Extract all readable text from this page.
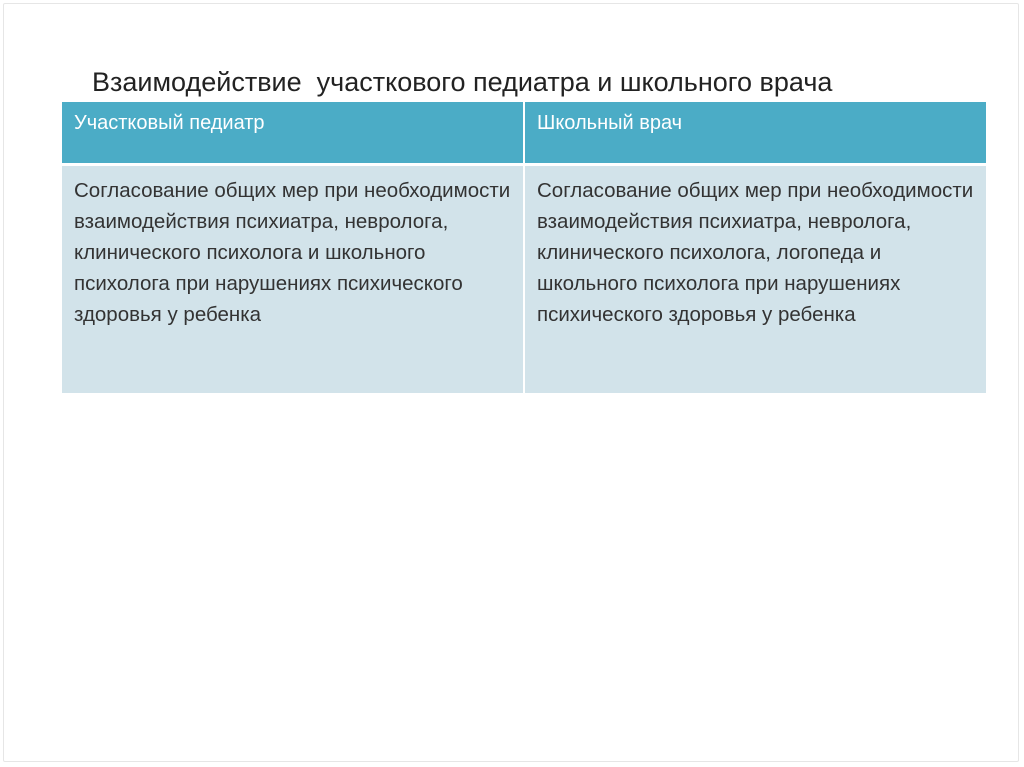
Взаимодействие  участкового педиатра и школьного врача
Участковый педиатр	Школьный врач
Согласование общих мер при необходимости взаимодействия психиатра, невролога, клинического психолога и школьного психолога при нарушениях психического здоровья у ребенка	Cогласование общих мер при необходимости взаимодействия психиатра, невролога, клинического психолога, логопеда и школьного психолога при нарушениях психического здоровья у ребенка
